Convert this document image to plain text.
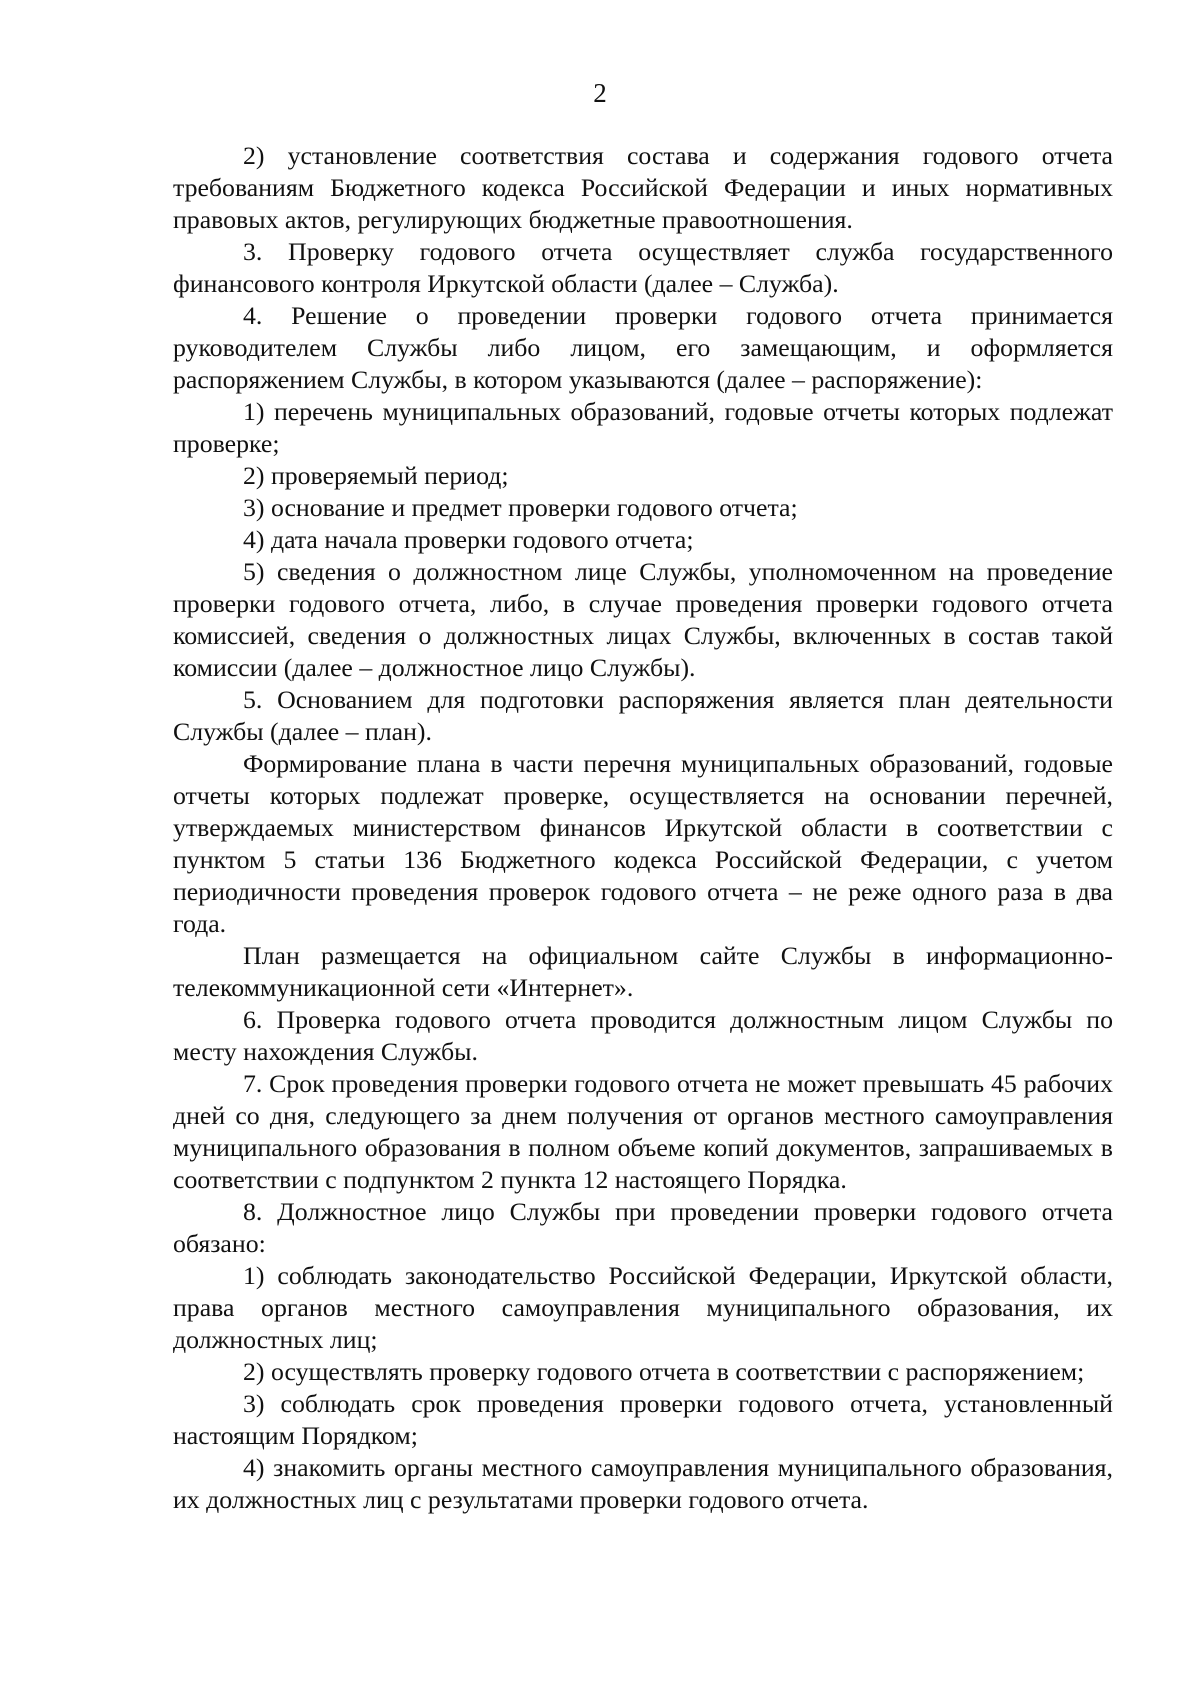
2

2) установление соответствия состава и содержания годового отчета требованиям Бюджетного кодекса Российской Федерации и иных нормативных правовых актов, регулирующих бюджетные правоотношения.

3. Проверку годового отчета осуществляет служба государственного финансового контроля Иркутской области (далее – Служба).

4. Решение о проведении проверки годового отчета принимается руководителем Службы либо лицом, его замещающим, и оформляется распоряжением Службы, в котором указываются (далее – распоряжение):

1) перечень муниципальных образований, годовые отчеты которых подлежат проверке;

2) проверяемый период;

3) основание и предмет проверки годового отчета;

4) дата начала проверки годового отчета;

5) сведения о должностном лице Службы, уполномоченном на проведение проверки годового отчета, либо, в случае проведения проверки годового отчета комиссией, сведения о должностных лицах Службы, включенных в состав такой комиссии (далее – должностное лицо Службы).

5. Основанием для подготовки распоряжения является план деятельности Службы (далее – план).

Формирование плана в части перечня муниципальных образований, годовые отчеты которых подлежат проверке, осуществляется на основании перечней, утверждаемых министерством финансов Иркутской области в соответствии с пунктом 5 статьи 136 Бюджетного кодекса Российской Федерации, с учетом периодичности проведения проверок годового отчета – не реже одного раза в два года.

План размещается на официальном сайте Службы в информационно-телекоммуникационной сети «Интернет».

6. Проверка годового отчета проводится должностным лицом Службы по месту нахождения Службы.

7. Срок проведения проверки годового отчета не может превышать 45 рабочих дней со дня, следующего за днем получения от органов местного самоуправления муниципального образования в полном объеме копий документов, запрашиваемых в соответствии с подпунктом 2 пункта 12 настоящего Порядка.

8. Должностное лицо Службы при проведении проверки годового отчета обязано:

1) соблюдать законодательство Российской Федерации, Иркутской области, права органов местного самоуправления муниципального образования, их должностных лиц;

2) осуществлять проверку годового отчета в соответствии с распоряжением;

3) соблюдать срок проведения проверки годового отчета, установленный настоящим Порядком;

4) знакомить органы местного самоуправления муниципального образования, их должностных лиц с результатами проверки годового отчета.
